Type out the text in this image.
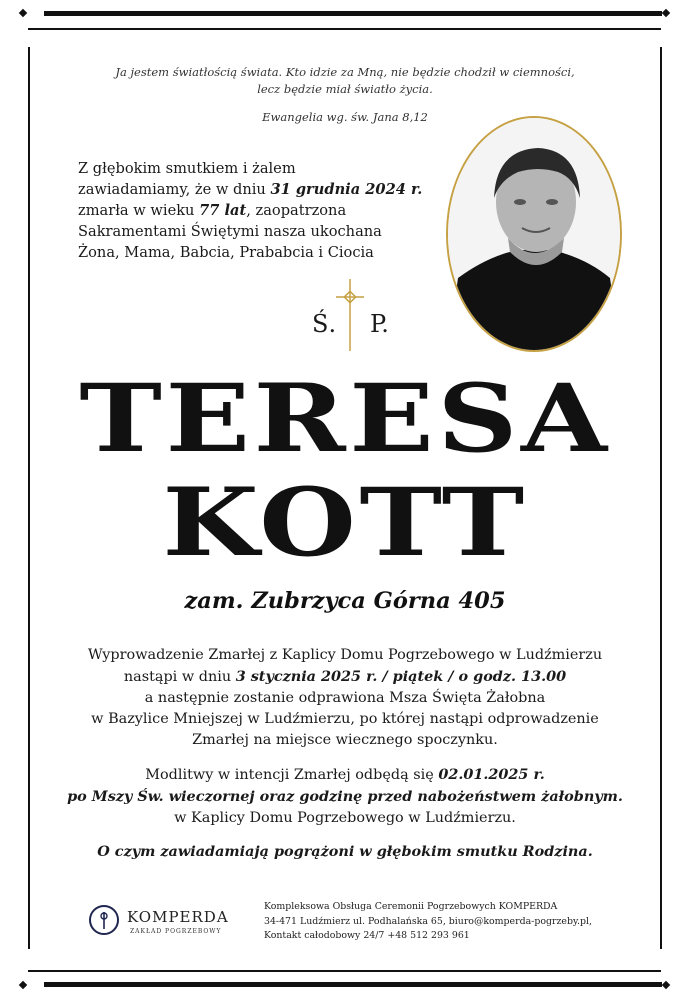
Ja jestem światłością świata. Kto idzie za Mną, nie będzie chodził w ciemności,
lecz będzie miał światło życia.
Ewangelia wg. św. Jana 8,12
Z głębokim smutkiem i żalem
zawiadamiamy, że w dniu 31 grudnia 2024 r.
zmarła w wieku 77 lat, zaopatrzona
Sakramentami Świętymi nasza ukochana
Żona, Mama, Babcia, Prababcia i Ciocia
Ś. P.
TERESA
KOTT
zam. Zubrzyca Górna 405
Wyprowadzenie Zmarłej z Kaplicy Domu Pogrzebowego w Ludźmierzu
nastąpi w dniu 3 stycznia 2025 r. / piątek / o godz. 13.00
a następnie zostanie odprawiona Msza Święta Żałobna
w Bazylice Mniejszej w Ludźmierzu, po której nastąpi odprowadzenie
Zmarłej na miejsce wiecznego spoczynku.
Modlitwy w intencji Zmarłej odbędą się 02.01.2025 r.
po Mszy Św. wieczornej oraz godzinę przed nabożeństwem żałobnym.
w Kaplicy Domu Pogrzebowego w Ludźmierzu.
O czym zawiadamiają pogrążoni w głębokim smutku Rodzina.
KOMPERDA
ZAKŁAD POGRZEBOWY
Kompleksowa Obsługa Ceremonii Pogrzebowych KOMPERDA
34-471 Ludźmierz ul. Podhalańska 65, biuro@komperda-pogrzeby.pl,
Kontakt całodobowy 24/7 +48 512 293 961
